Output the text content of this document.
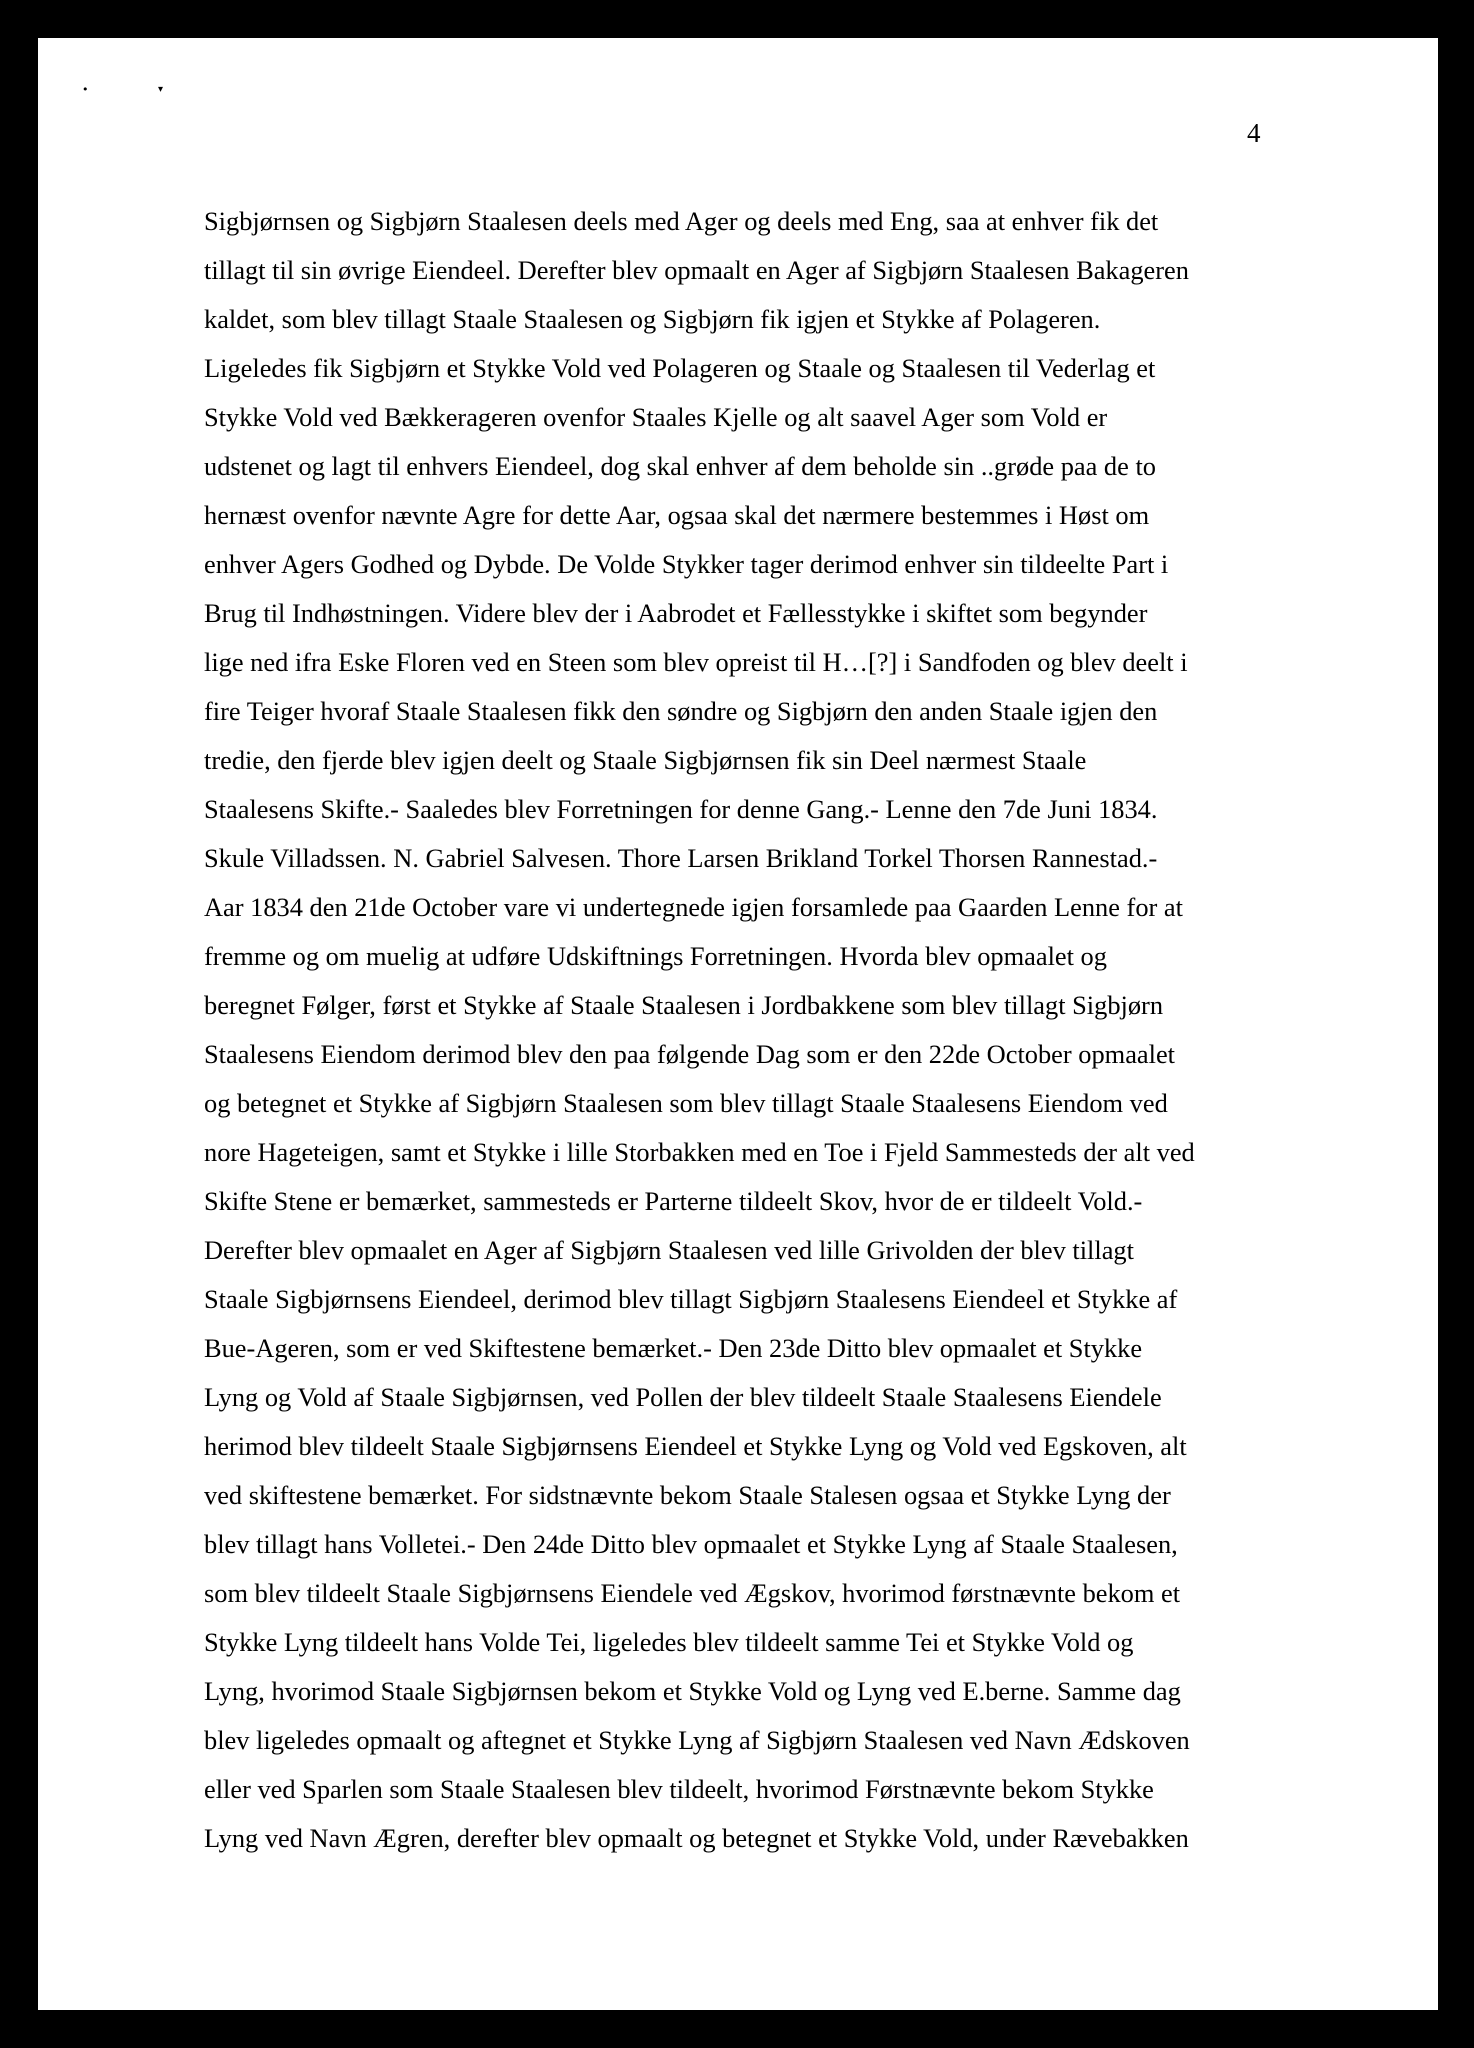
•	▾
4
Sigbjørnsen og Sigbjørn Staalesen deels med Ager og deels med Eng, saa at enhver fik det
tillagt til sin øvrige Eiendeel. Derefter blev opmaalt en Ager af Sigbjørn Staalesen Bakageren
kaldet, som blev tillagt Staale Staalesen og Sigbjørn fik igjen et Stykke af Polageren.
Ligeledes fik Sigbjørn et Stykke Vold ved Polageren og Staale og Staalesen til Vederlag et
Stykke Vold ved Bækkerageren ovenfor Staales Kjelle og alt saavel Ager som Vold er
udstenet og lagt til enhvers Eiendeel, dog skal enhver af dem beholde sin ..grøde paa de to
hernæst ovenfor nævnte Agre for dette Aar, ogsaa skal det nærmere bestemmes i Høst om
enhver Agers Godhed og Dybde. De Volde Stykker tager derimod enhver sin tildeelte Part i
Brug til Indhøstningen. Videre blev der i Aabrodet et Fællesstykke i skiftet som begynder
lige ned ifra Eske Floren ved en Steen som blev opreist til H…[?] i Sandfoden og blev deelt i
fire Teiger hvoraf Staale Staalesen fikk den søndre og Sigbjørn den anden Staale igjen den
tredie, den fjerde blev igjen deelt og Staale Sigbjørnsen fik sin Deel nærmest Staale
Staalesens Skifte.- Saaledes blev Forretningen for denne Gang.- Lenne den 7de Juni 1834.
Skule Villadssen. N. Gabriel Salvesen. Thore Larsen Brikland Torkel Thorsen Rannestad.-
Aar 1834 den 21de October vare vi undertegnede igjen forsamlede paa Gaarden Lenne for at
fremme og om muelig at udføre Udskiftnings Forretningen. Hvorda blev opmaalet og
beregnet Følger, først et Stykke af Staale Staalesen i Jordbakkene som blev tillagt Sigbjørn
Staalesens Eiendom derimod blev den paa følgende Dag som er den 22de October opmaalet
og betegnet et Stykke af Sigbjørn Staalesen som blev tillagt Staale Staalesens Eiendom ved
nore Hageteigen, samt et Stykke i lille Storbakken med en Toe i Fjeld Sammesteds der alt ved
Skifte Stene er bemærket, sammesteds er Parterne tildeelt Skov, hvor de er tildeelt Vold.-
Derefter blev opmaalet en Ager af Sigbjørn Staalesen ved lille Grivolden der blev tillagt
Staale Sigbjørnsens Eiendeel, derimod blev tillagt Sigbjørn Staalesens Eiendeel et Stykke af
Bue-Ageren, som er ved Skiftestene bemærket.- Den 23de Ditto blev opmaalet et Stykke
Lyng og Vold af Staale Sigbjørnsen, ved Pollen der blev tildeelt Staale Staalesens Eiendele
herimod blev tildeelt Staale Sigbjørnsens Eiendeel et Stykke Lyng og Vold ved Egskoven, alt
ved skiftestene bemærket. For sidstnævnte bekom Staale Stalesen ogsaa et Stykke Lyng der
blev tillagt hans Volletei.- Den 24de Ditto blev opmaalet et Stykke Lyng af Staale Staalesen,
som blev tildeelt Staale Sigbjørnsens Eiendele ved Ægskov, hvorimod førstnævnte bekom et
Stykke Lyng tildeelt hans Volde Tei, ligeledes blev tildeelt samme Tei et Stykke Vold og
Lyng, hvorimod Staale Sigbjørnsen bekom et Stykke Vold og Lyng ved E.berne. Samme dag
blev ligeledes opmaalt og aftegnet et Stykke Lyng af Sigbjørn Staalesen ved Navn Ædskoven
eller ved Sparlen som Staale Staalesen blev tildeelt, hvorimod Førstnævnte bekom Stykke
Lyng ved Navn Ægren, derefter blev opmaalt og betegnet et Stykke Vold, under Rævebakken
